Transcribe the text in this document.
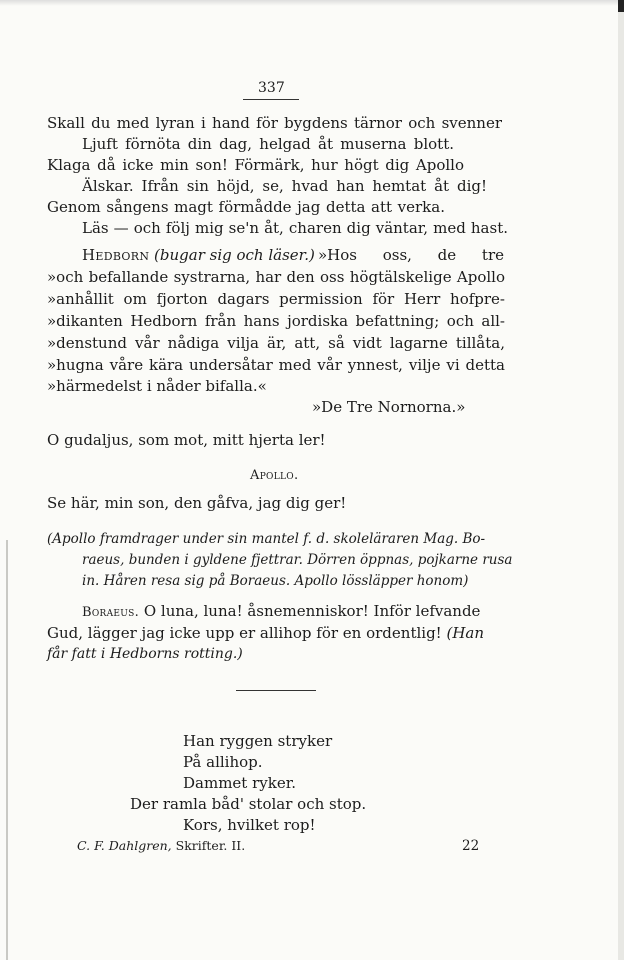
337
Skall du med lyran i hand för bygdens tärnor och svenner
Ljuft förnöta din dag, helgad åt muserna blott.
Klaga då icke min son! Förmärk, hur högt dig Apollo
Älskar. Ifrån sin höjd, se, hvad han hemtat åt dig!
Genom sångens magt förmådde jag detta att verka.
Läs — och följ mig se'n åt, charen dig väntar, med hast.
Hedborn (bugar sig och läser.) »Hos oss, de tre
»och befallande systrarna, har den oss högtälskelige Apollo
»anhållit om fjorton dagars permission för Herr hofpre-
»dikanten Hedborn från hans jordiska befattning; och all-
»denstund vår nådiga vilja är, att, så vidt lagarne tillåta,
»hugna våre kära undersåtar med vår ynnest, vilje vi detta
»härmedelst i nåder bifalla.«
»De Tre Nornorna.»
O gudaljus, som mot, mitt hjerta ler!
Apollo.
Se här, min son, den gåfva, jag dig ger!
(Apollo framdrager under sin mantel f. d. skoleläraren Mag. Bo-
raeus, bunden i gyldene fjettrar. Dörren öppnas, pojkarne rusa
in. Håren resa sig på Boraeus. Apollo lössläpper honom)
Boraeus. O luna, luna! åsnemenniskor! Inför lefvande
Gud, lägger jag icke upp er allihop för en ordentlig! (Han
får fatt i Hedborns rotting.)
Han ryggen stryker
På allihop.
Dammet ryker.
Der ramla båd' stolar och stop.
Kors, hvilket rop!
C. F. Dahlgren, Skrifter. II.	22
